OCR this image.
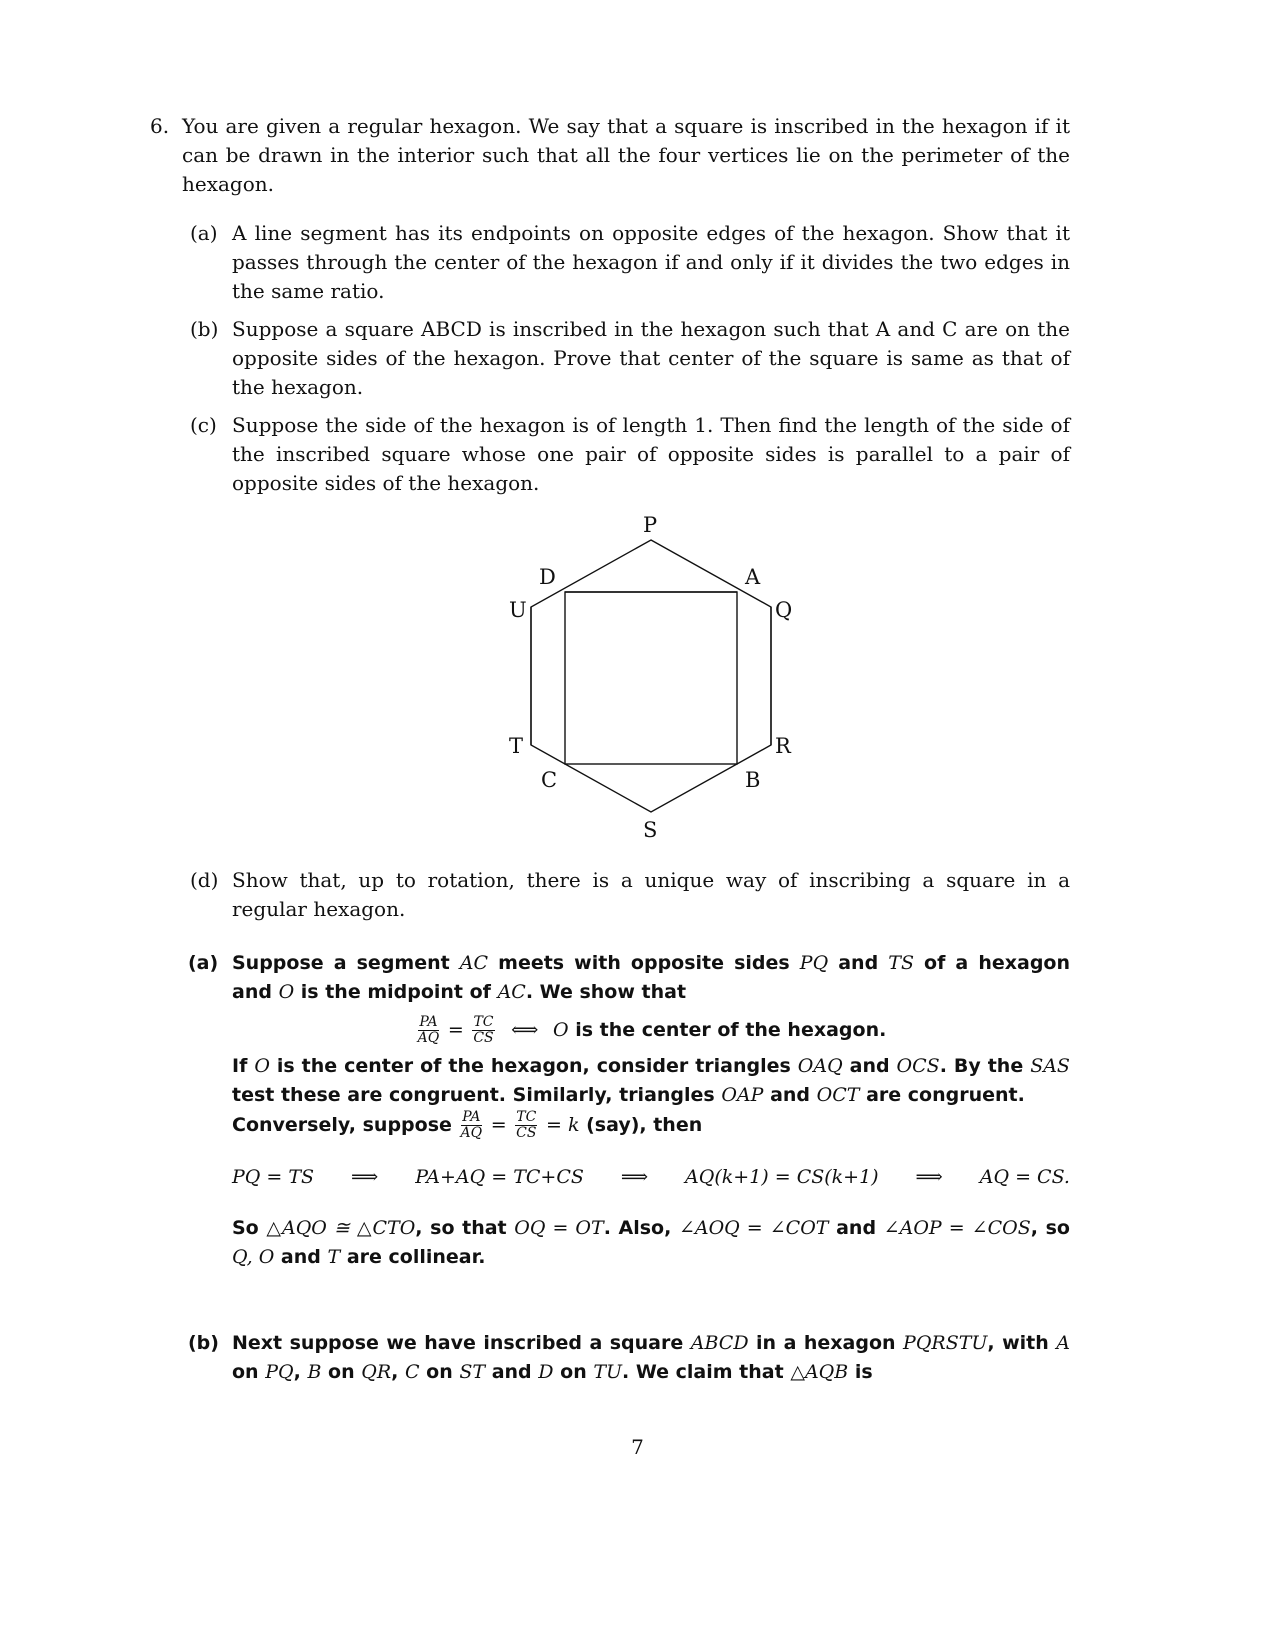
6. You are given a regular hexagon. We say that a square is inscribed in the hexagon if it can be drawn in the interior such that all the four vertices lie on the perimeter of the hexagon.
(a) A line segment has its endpoints on opposite edges of the hexagon. Show that it passes through the center of the hexagon if and only if it divides the two edges in the same ratio.
(b) Suppose a square ABCD is inscribed in the hexagon such that A and C are on the opposite sides of the hexagon. Prove that center of the square is same as that of the hexagon.
(c) Suppose the side of the hexagon is of length 1. Then find the length of the side of the inscribed square whose one pair of opposite sides is parallel to a pair of opposite sides of the hexagon.
P
D	A
U	Q
T	R
C	B
S
(d) Show that, up to rotation, there is a unique way of inscribing a square in a regular hexagon.
(a) Suppose a segment AC meets with opposite sides PQ and TS of a hexagon and O is the midpoint of AC. We show that
$\frac{PA}{AQ} = \frac{TC}{CS}$ ⟺ O is the center of the hexagon.
If O is the center of the hexagon, consider triangles OAQ and OCS. By the SAS test these are congruent. Similarly, triangles OAP and OCT are congruent.
Conversely, suppose $\frac{PA}{AQ} = \frac{TC}{CS} = k$ (say), then
PQ = TS ⟹ PA+AQ = TC+CS ⟹ AQ(k+1) = CS(k+1) ⟹ AQ = CS.
So △AQO ≅ △CTO, so that OQ = OT. Also, ∠AOQ = ∠COT and ∠AOP = ∠COS, so Q, O and T are collinear.
(b) Next suppose we have inscribed a square ABCD in a hexagon PQRSTU, with A on PQ, B on QR, C on ST and D on TU. We claim that △AQB is
7
